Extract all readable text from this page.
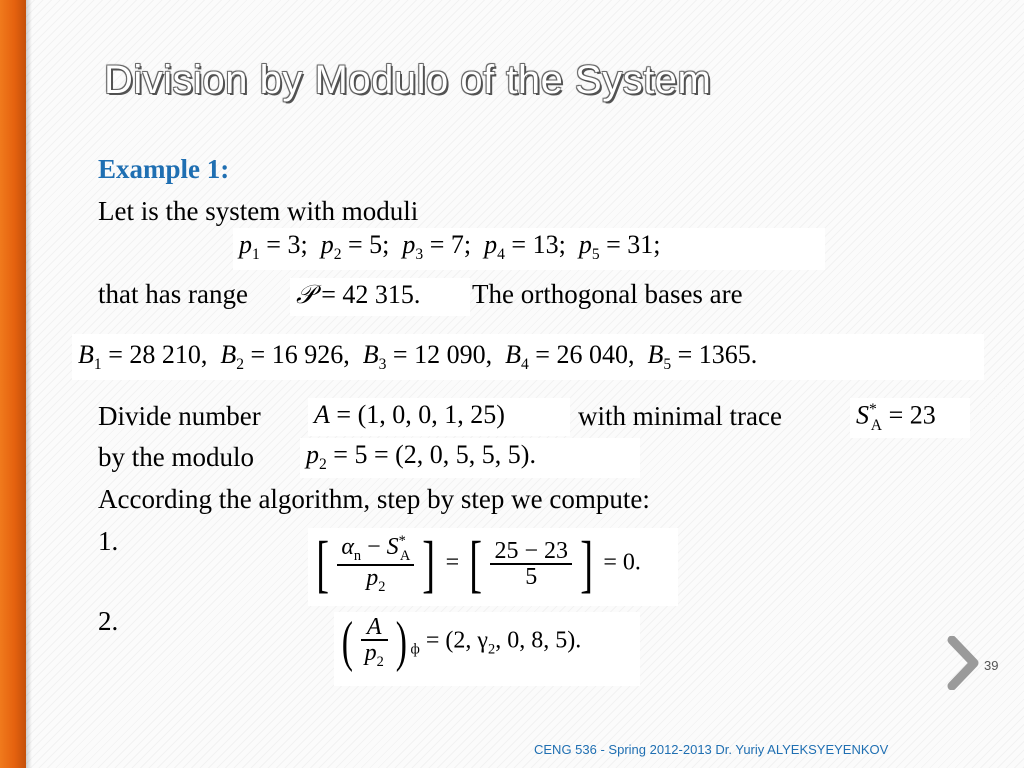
Division by Modulo of the System
Example 1:
Let is the system with moduli
$p_1 = 3$; $p_2 = 5$; $p_3 = 7$; $p_4 = 13$; $p_5 = 31$;
that has range 𝒫 = 42 315.	The orthogonal bases are
$B_1 = 28$ 210, $B_2 = 16$ 926, $B_3 = 12$ 090, $B_4 = 26$ 040, $B_5 = 1365$.
Divide number A = (1, 0, 0, 1, 25)	with minimal trace	$S^*_A = 23$
by the modulo $p_2 = 5 = (2$, 0, 5, 5, 5).
According the algorithm, step by step we compute:
1.	[ $\frac{\alpha_n - S^*_A}{p_2}$ ] = [ $\frac{25 - 23}{5}$ ] = 0.
2.	( $\frac{A}{p_2}$ ) $_ф$ = (2, $\gamma_2$, 0, 8, 5).
39
CENG 536 - Spring 2012-2013 Dr. Yuriy ALYEKSYEYENKOV
